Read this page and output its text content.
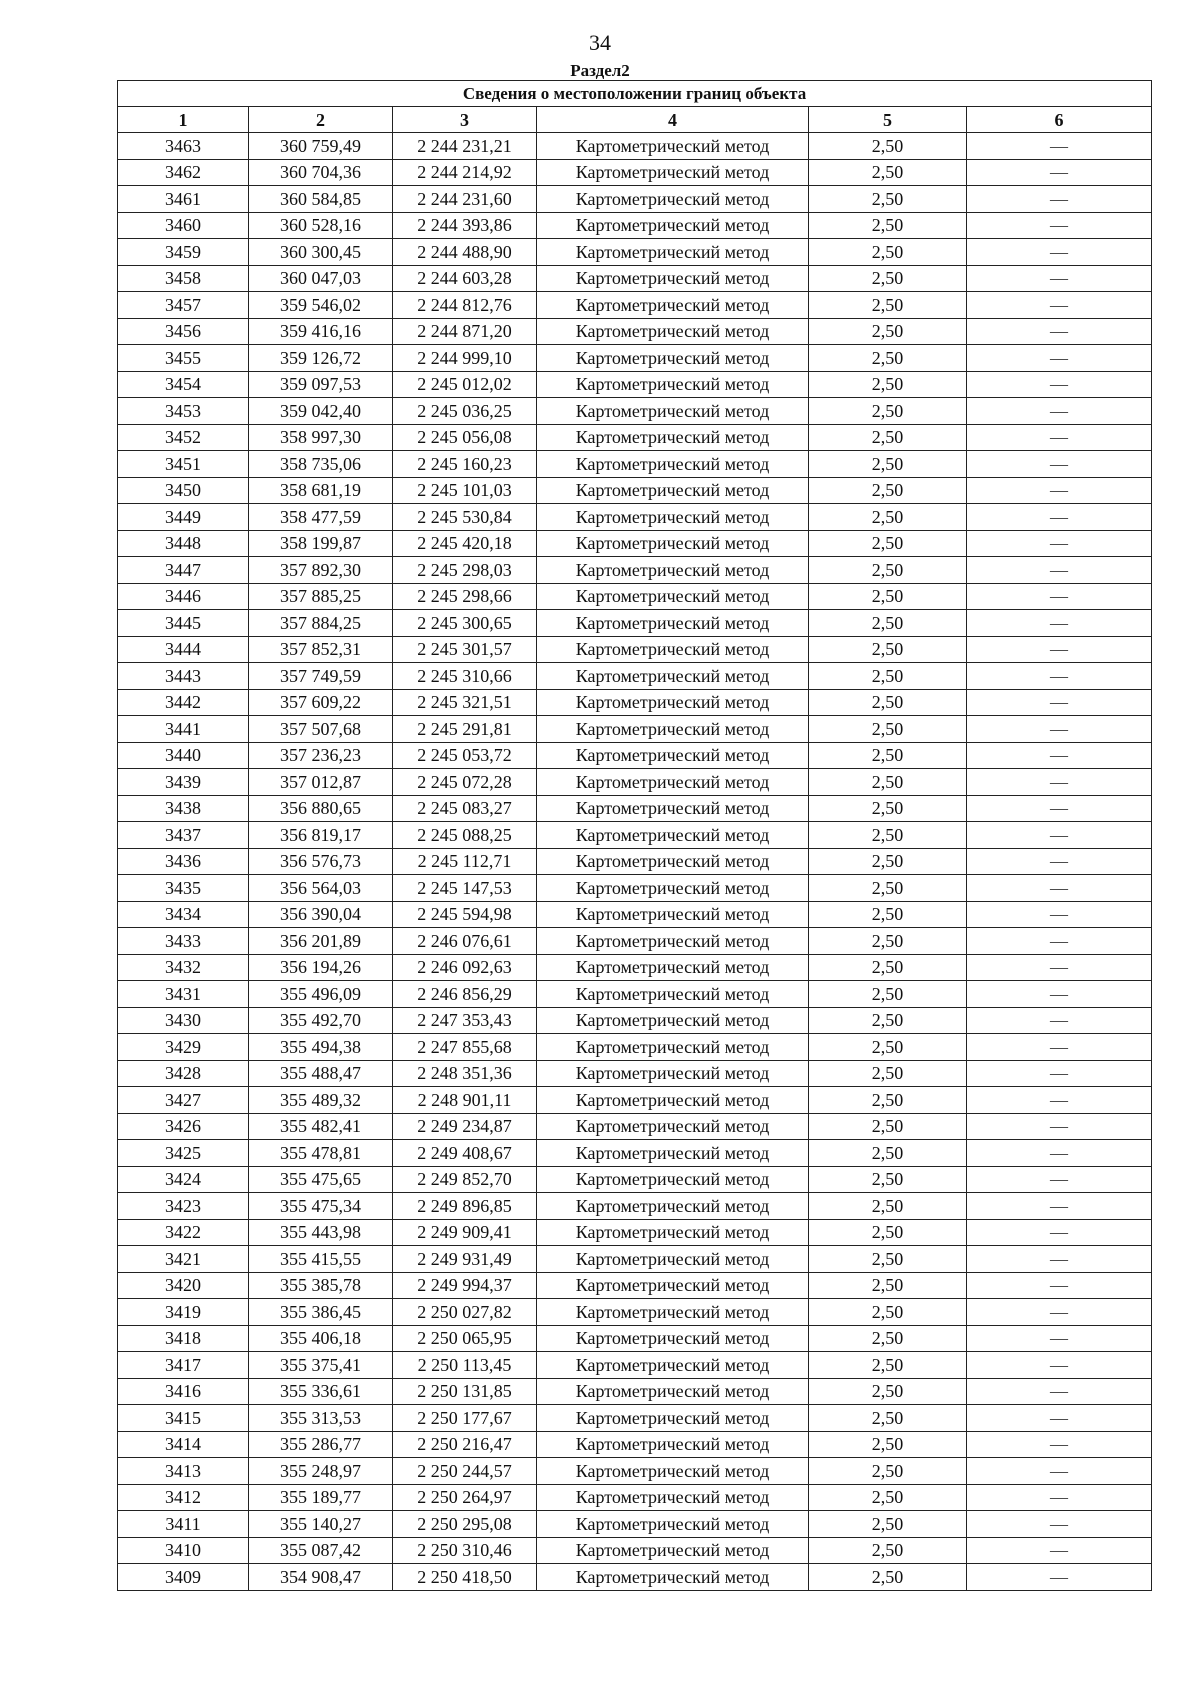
34
Раздел2
Сведения о местоположении границ объекта					
1	2	3	4	5	6
3463	360 759,49	2 244 231,21	Картометрический метод	2,50	—
3462	360 704,36	2 244 214,92	Картометрический метод	2,50	—
3461	360 584,85	2 244 231,60	Картометрический метод	2,50	—
3460	360 528,16	2 244 393,86	Картометрический метод	2,50	—
3459	360 300,45	2 244 488,90	Картометрический метод	2,50	—
3458	360 047,03	2 244 603,28	Картометрический метод	2,50	—
3457	359 546,02	2 244 812,76	Картометрический метод	2,50	—
3456	359 416,16	2 244 871,20	Картометрический метод	2,50	—
3455	359 126,72	2 244 999,10	Картометрический метод	2,50	—
3454	359 097,53	2 245 012,02	Картометрический метод	2,50	—
3453	359 042,40	2 245 036,25	Картометрический метод	2,50	—
3452	358 997,30	2 245 056,08	Картометрический метод	2,50	—
3451	358 735,06	2 245 160,23	Картометрический метод	2,50	—
3450	358 681,19	2 245 101,03	Картометрический метод	2,50	—
3449	358 477,59	2 245 530,84	Картометрический метод	2,50	—
3448	358 199,87	2 245 420,18	Картометрический метод	2,50	—
3447	357 892,30	2 245 298,03	Картометрический метод	2,50	—
3446	357 885,25	2 245 298,66	Картометрический метод	2,50	—
3445	357 884,25	2 245 300,65	Картометрический метод	2,50	—
3444	357 852,31	2 245 301,57	Картометрический метод	2,50	—
3443	357 749,59	2 245 310,66	Картометрический метод	2,50	—
3442	357 609,22	2 245 321,51	Картометрический метод	2,50	—
3441	357 507,68	2 245 291,81	Картометрический метод	2,50	—
3440	357 236,23	2 245 053,72	Картометрический метод	2,50	—
3439	357 012,87	2 245 072,28	Картометрический метод	2,50	—
3438	356 880,65	2 245 083,27	Картометрический метод	2,50	—
3437	356 819,17	2 245 088,25	Картометрический метод	2,50	—
3436	356 576,73	2 245 112,71	Картометрический метод	2,50	—
3435	356 564,03	2 245 147,53	Картометрический метод	2,50	—
3434	356 390,04	2 245 594,98	Картометрический метод	2,50	—
3433	356 201,89	2 246 076,61	Картометрический метод	2,50	—
3432	356 194,26	2 246 092,63	Картометрический метод	2,50	—
3431	355 496,09	2 246 856,29	Картометрический метод	2,50	—
3430	355 492,70	2 247 353,43	Картометрический метод	2,50	—
3429	355 494,38	2 247 855,68	Картометрический метод	2,50	—
3428	355 488,47	2 248 351,36	Картометрический метод	2,50	—
3427	355 489,32	2 248 901,11	Картометрический метод	2,50	—
3426	355 482,41	2 249 234,87	Картометрический метод	2,50	—
3425	355 478,81	2 249 408,67	Картометрический метод	2,50	—
3424	355 475,65	2 249 852,70	Картометрический метод	2,50	—
3423	355 475,34	2 249 896,85	Картометрический метод	2,50	—
3422	355 443,98	2 249 909,41	Картометрический метод	2,50	—
3421	355 415,55	2 249 931,49	Картометрический метод	2,50	—
3420	355 385,78	2 249 994,37	Картометрический метод	2,50	—
3419	355 386,45	2 250 027,82	Картометрический метод	2,50	—
3418	355 406,18	2 250 065,95	Картометрический метод	2,50	—
3417	355 375,41	2 250 113,45	Картометрический метод	2,50	—
3416	355 336,61	2 250 131,85	Картометрический метод	2,50	—
3415	355 313,53	2 250 177,67	Картометрический метод	2,50	—
3414	355 286,77	2 250 216,47	Картометрический метод	2,50	—
3413	355 248,97	2 250 244,57	Картометрический метод	2,50	—
3412	355 189,77	2 250 264,97	Картометрический метод	2,50	—
3411	355 140,27	2 250 295,08	Картометрический метод	2,50	—
3410	355 087,42	2 250 310,46	Картометрический метод	2,50	—
3409	354 908,47	2 250 418,50	Картометрический метод	2,50	—
